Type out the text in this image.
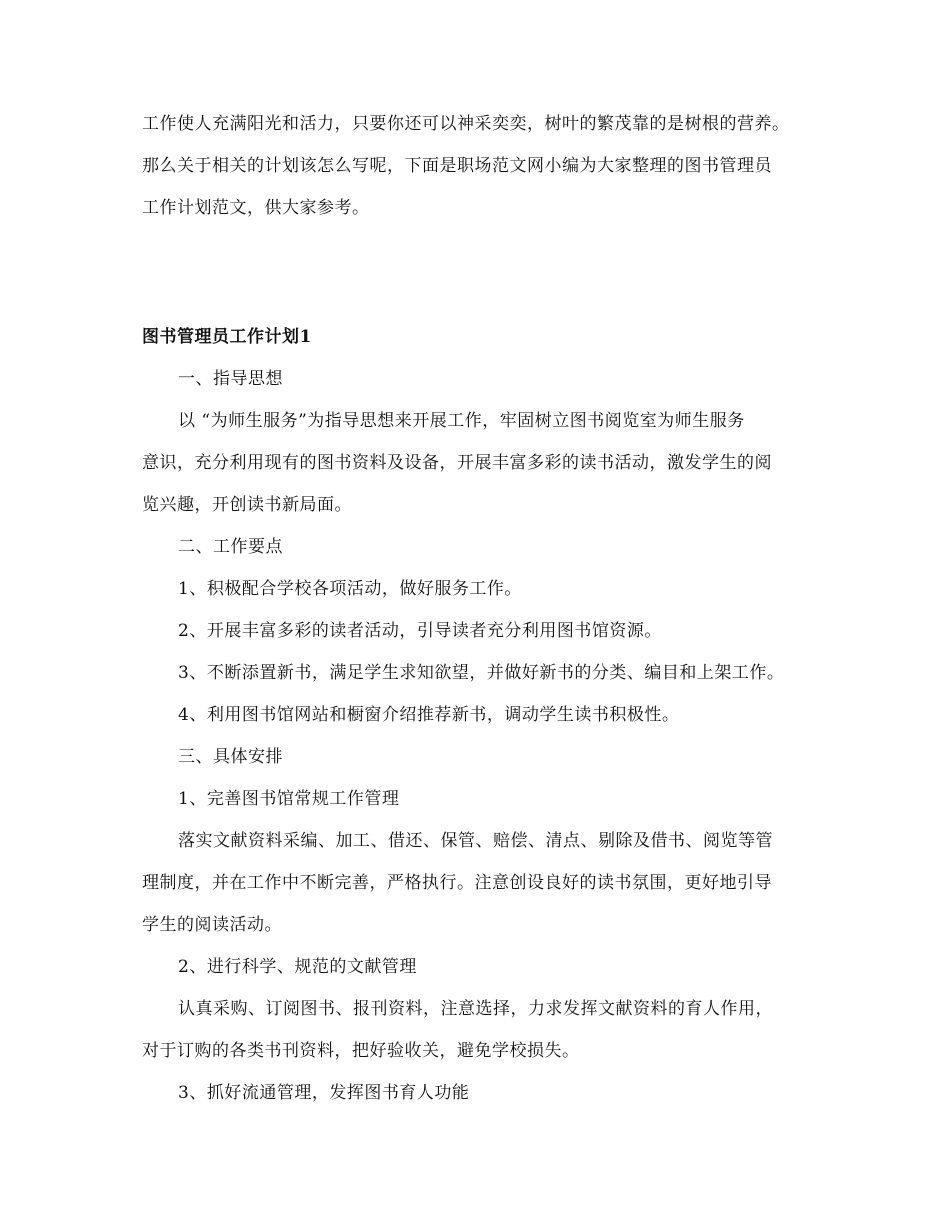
工作使人充满阳光和活力，只要你还可以神采奕奕，树叶的繁茂靠的是树根的营养。
那么关于相关的计划该怎么写呢，下面是职场范文网小编为大家整理的图书管理员
工作计划范文，供大家参考。
图书管理员工作计划1
一、指导思想
以 “为师生服务”为指导思想来开展工作，牢固树立图书阅览室为师生服务
意识，充分利用现有的图书资料及设备，开展丰富多彩的读书活动，激发学生的阅
览兴趣，开创读书新局面。
二、工作要点
1、积极配合学校各项活动，做好服务工作。
2、开展丰富多彩的读者活动，引导读者充分利用图书馆资源。
3、不断添置新书，满足学生求知欲望，并做好新书的分类、编目和上架工作。
4、利用图书馆网站和橱窗介绍推荐新书，调动学生读书积极性。
三、具体安排
1、完善图书馆常规工作管理
落实文献资料采编、加工、借还、保管、赔偿、清点、剔除及借书、阅览等管
理制度，并在工作中不断完善，严格执行。注意创设良好的读书氛围，更好地引导
学生的阅读活动。
2、进行科学、规范的文献管理
认真采购、订阅图书、报刊资料，注意选择，力求发挥文献资料的育人作用，
对于订购的各类书刊资料，把好验收关，避免学校损失。
3、抓好流通管理，发挥图书育人功能
